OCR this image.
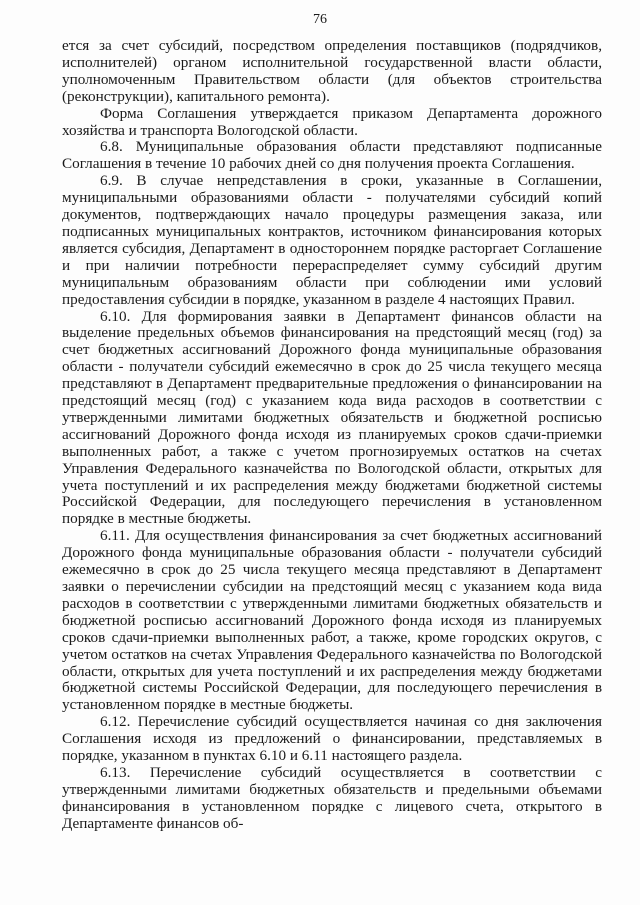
76

ется за счет субсидий, посредством определения поставщиков (подрядчиков, исполнителей) органом исполнительной государственной власти области, уполномоченным Правительством области (для объектов строительства (реконструкции), капитального ремонта).

Форма Соглашения утверждается приказом Департамента дорожного хозяйства и транспорта Вологодской области.

6.8. Муниципальные образования области представляют подписанные Соглашения в течение 10 рабочих дней со дня получения проекта Соглашения.

6.9. В случае непредставления в сроки, указанные в Соглашении, муниципальными образованиями области - получателями субсидий копий документов, подтверждающих начало процедуры размещения заказа, или подписанных муниципальных контрактов, источником финансирования которых является субсидия, Департамент в одностороннем порядке расторгает Соглашение и при наличии потребности перераспределяет сумму субсидий другим муниципальным образованиям области при соблюдении ими условий предоставления субсидии в порядке, указанном в разделе 4 настоящих Правил.

6.10. Для формирования заявки в Департамент финансов области на выделение предельных объемов финансирования на предстоящий месяц (год) за счет бюджетных ассигнований Дорожного фонда муниципальные образования области - получатели субсидий ежемесячно в срок до 25 числа текущего месяца представляют в Департамент предварительные предложения о финансировании на предстоящий месяц (год) с указанием кода вида расходов в соответствии с утвержденными лимитами бюджетных обязательств и бюджетной росписью ассигнований Дорожного фонда исходя из планируемых сроков сдачи-приемки выполненных работ, а также с учетом прогнозируемых остатков на счетах Управления Федерального казначейства по Вологодской области, открытых для учета поступлений и их распределения между бюджетами бюджетной системы Российской Федерации, для последующего перечисления в установленном порядке в местные бюджеты.

6.11. Для осуществления финансирования за счет бюджетных ассигнований Дорожного фонда муниципальные образования области - получатели субсидий ежемесячно в срок до 25 числа текущего месяца представляют в Департамент заявки о перечислении субсидии на предстоящий месяц с указанием кода вида расходов в соответствии с утвержденными лимитами бюджетных обязательств и бюджетной росписью ассигнований Дорожного фонда исходя из планируемых сроков сдачи-приемки выполненных работ, а также, кроме городских округов, с учетом остатков на счетах Управления Федерального казначейства по Вологодской области, открытых для учета поступлений и их распределения между бюджетами бюджетной системы Российской Федерации, для последующего перечисления в установленном порядке в местные бюджеты.

6.12. Перечисление субсидий осуществляется начиная со дня заключения Соглашения исходя из предложений о финансировании, представляемых в порядке, указанном в пунктах 6.10 и 6.11 настоящего раздела.

6.13. Перечисление субсидий осуществляется в соответствии с утвержденными лимитами бюджетных обязательств и предельными объемами финансирования в установленном порядке с лицевого счета, открытого в Департаменте финансов об-
